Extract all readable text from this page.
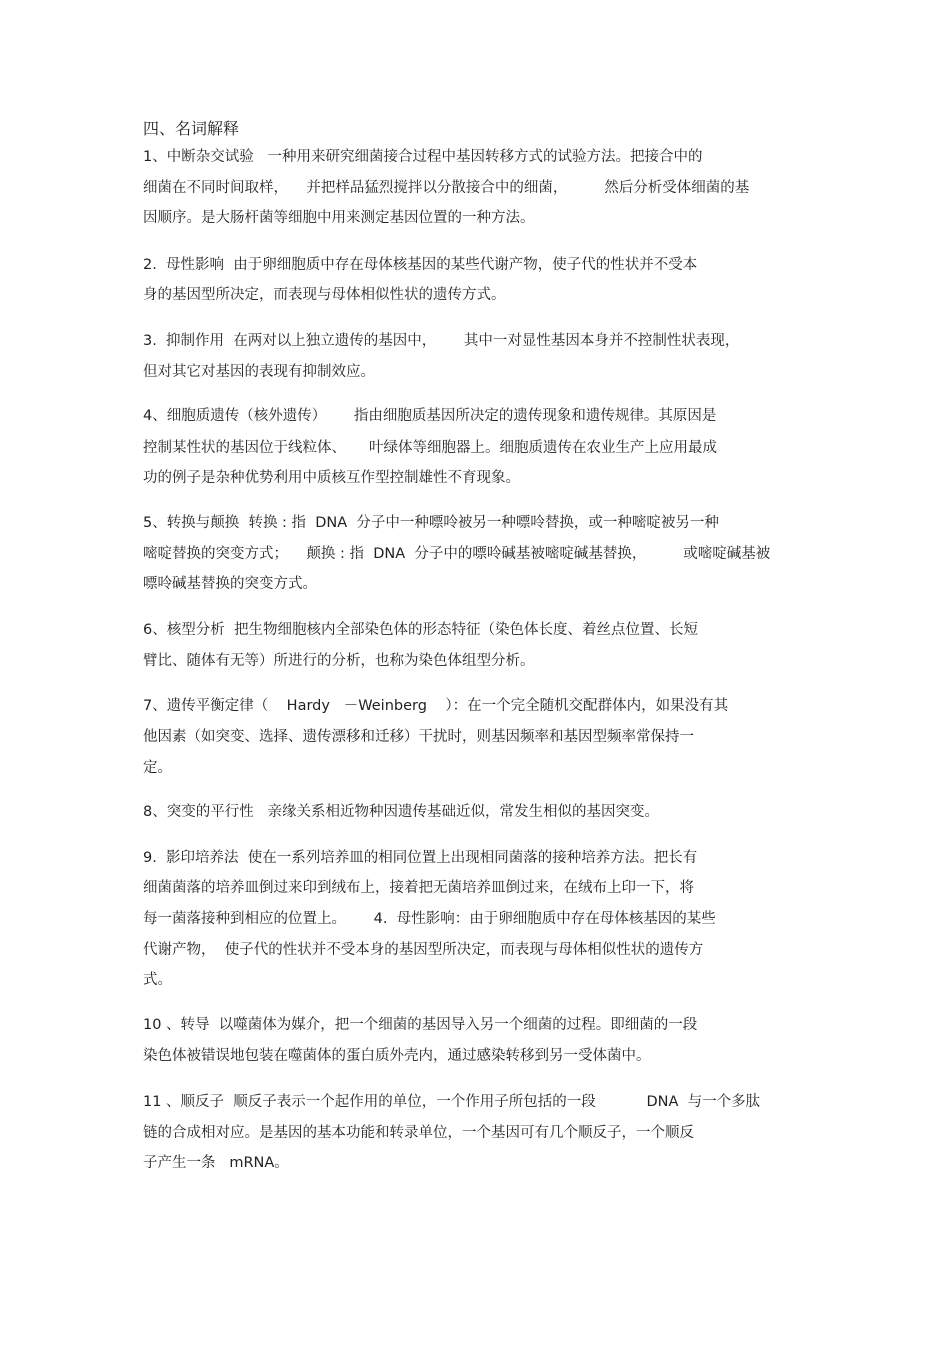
四、名词解释
1、中断杂交试验   一种用来研究细菌接合过程中基因转移方式的试验方法。把接合中的
细菌在不同时间取样，    并把样品猛烈搅拌以分散接合中的细菌，        然后分析受体细菌的基
因顺序。是大肠杆菌等细胞中用来测定基因位置的一种方法。
2.  母性影响  由于卵细胞质中存在母体核基因的某些代谢产物，使子代的性状并不受本
身的基因型所决定，而表现与母体相似性状的遗传方式。
3.  抑制作用  在两对以上独立遗传的基因中，      其中一对显性基因本身并不控制性状表现，
但对其它对基因的表现有抑制效应。
4、细胞质遗传（核外遗传）      指由细胞质基因所决定的遗传现象和遗传规律。其原因是
控制某性状的基因位于线粒体、     叶绿体等细胞器上。细胞质遗传在农业生产上应用最成
功的例子是杂种优势利用中质核互作型控制雄性不育现象。
5、转换与颠换  转换 : 指  DNA  分子中一种嘌呤被另一种嘌呤替换，或一种嘧啶被另一种
嘧啶替换的突变方式；    颠换 : 指  DNA  分子中的嘌呤碱基被嘧啶碱基替换，        或嘧啶碱基被
嘌呤碱基替换的突变方式。
6、核型分析  把生物细胞核内全部染色体的形态特征（染色体长度、着丝点位置、长短
臂比、随体有无等）所进行的分析，也称为染色体组型分析。
7、遗传平衡定律（    Hardy   －Weinberg    ）：在一个完全随机交配群体内，如果没有其
他因素（如突变、选择、遗传漂移和迁移）干扰时，则基因频率和基因型频率常保持一
定。
8、突变的平行性   亲缘关系相近物种因遗传基础近似，常发生相似的基因突变。
9.  影印培养法  使在一系列培养皿的相同位置上出现相同菌落的接种培养方法。把长有
细菌菌落的培养皿倒过来印到绒布上，接着把无菌培养皿倒过来，在绒布上印一下，将
每一菌落接种到相应的位置上。      4.  母性影响：由于卵细胞质中存在母体核基因的某些
代谢产物，  使子代的性状并不受本身的基因型所决定，而表现与母体相似性状的遗传方
式。
10 、转导  以噬菌体为媒介，把一个细菌的基因导入另一个细菌的过程。即细菌的一段
染色体被错误地包装在噬菌体的蛋白质外壳内，通过感染转移到另一受体菌中。
11 、顺反子  顺反子表示一个起作用的单位，一个作用子所包括的一段           DNA  与一个多肽
链的合成相对应。是基因的基本功能和转录单位，一个基因可有几个顺反子，一个顺反
子产生一条   mRNA。
